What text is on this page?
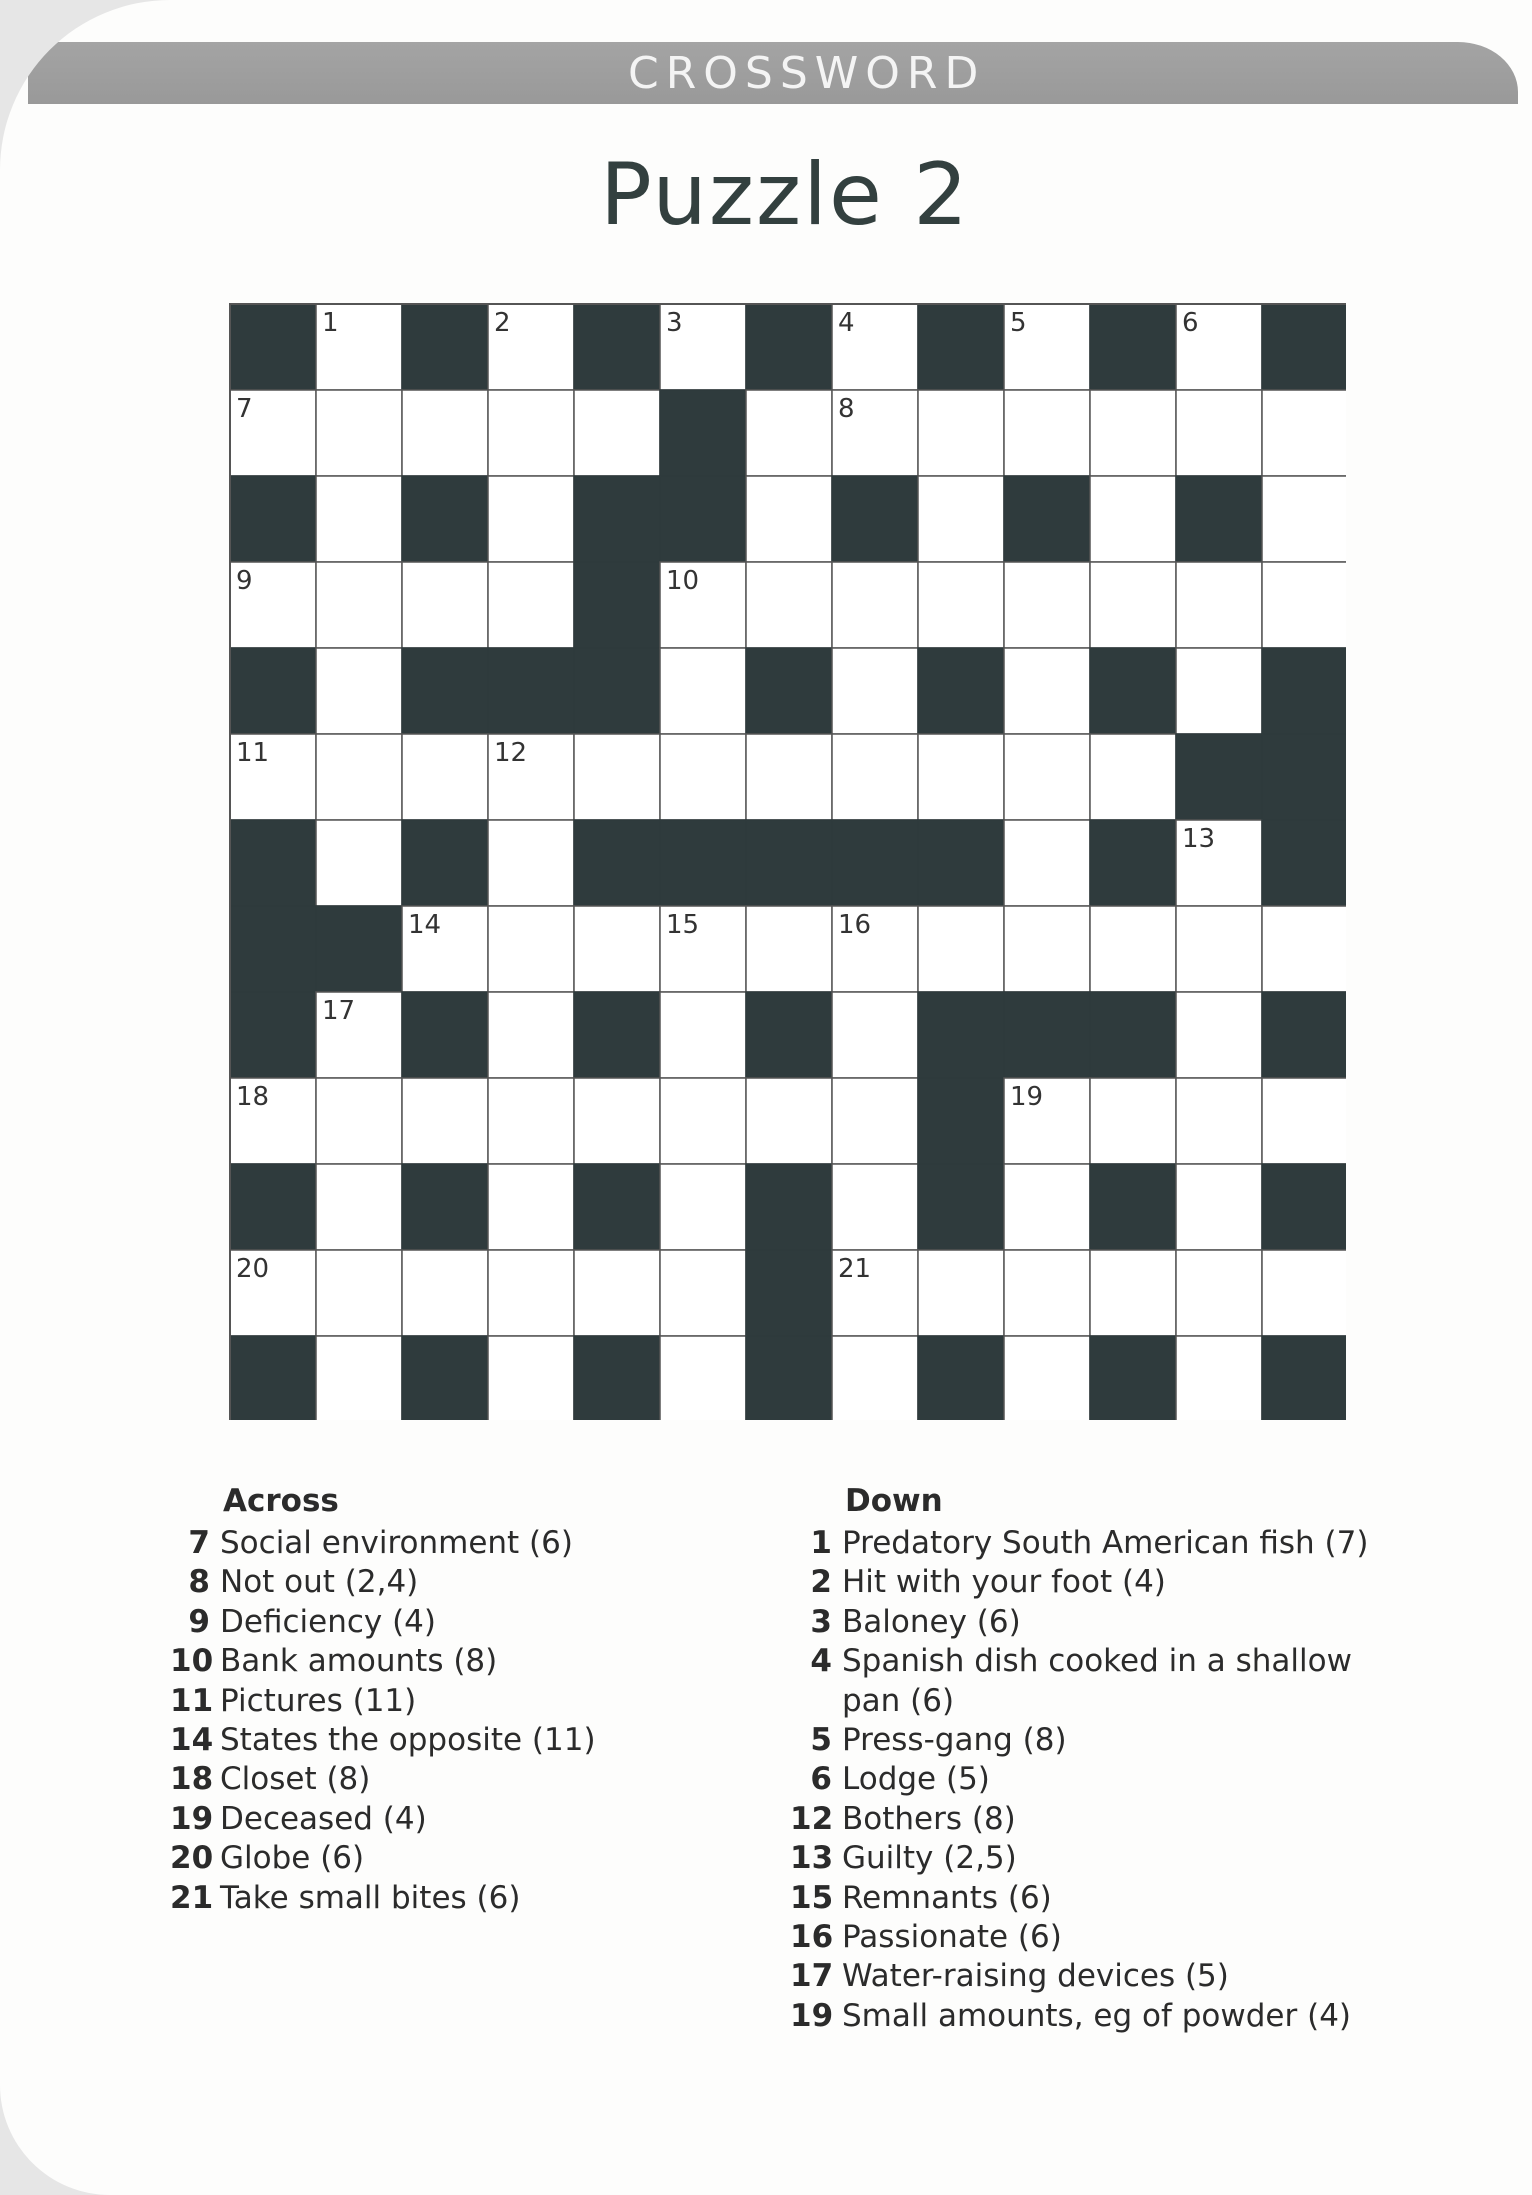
CROSSWORD
Puzzle 2
1	2	3	4	5	6
7	8
9	10
11	12
13
14	15	16
17
18	19
20	21
Across
7 Social environment (6)
8 Not out (2,4)
9 Deficiency (4)
10 Bank amounts (8)
11 Pictures (11)
14 States the opposite (11)
18 Closet (8)
19 Deceased (4)
20 Globe (6)
21 Take small bites (6)
Down
1 Predatory South American fish (7)
2 Hit with your foot (4)
3 Baloney (6)
4 Spanish dish cooked in a shallow
pan (6)
5 Press-gang (8)
6 Lodge (5)
12 Bothers (8)
13 Guilty (2,5)
15 Remnants (6)
16 Passionate (6)
17 Water-raising devices (5)
19 Small amounts, eg of powder (4)
